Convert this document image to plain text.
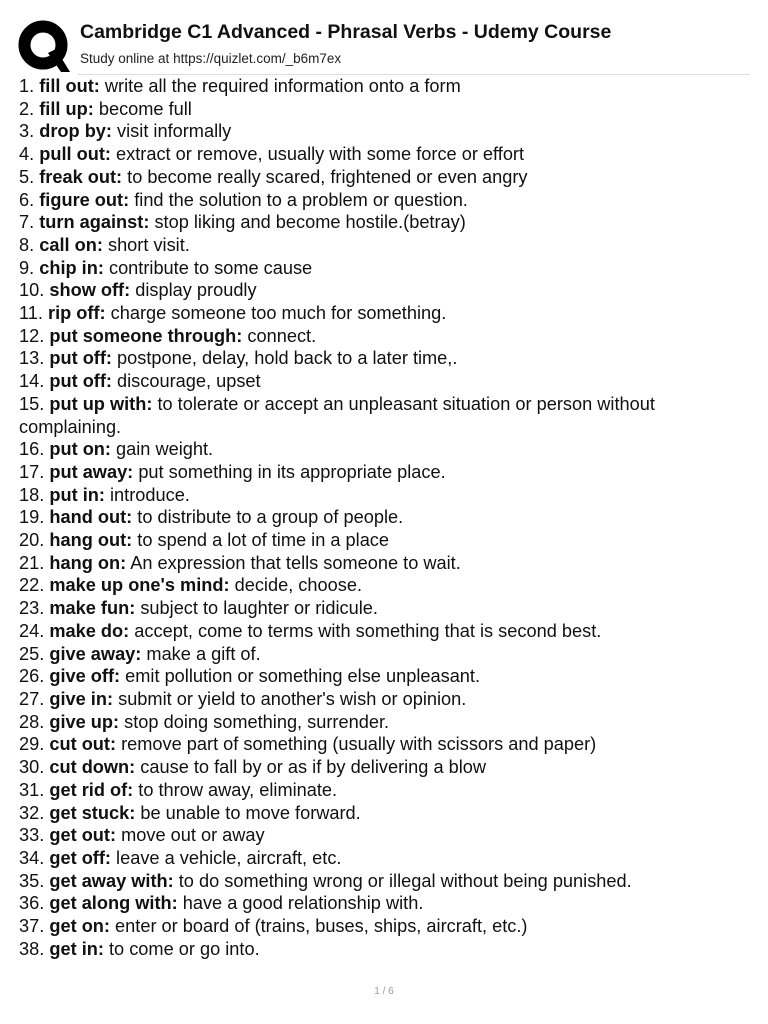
Cambridge C1 Advanced - Phrasal Verbs - Udemy Course
Study online at https://quizlet.com/_b6m7ex
1. fill out: write all the required information onto a form
2. fill up: become full
3. drop by: visit informally
4. pull out: extract or remove, usually with some force or effort
5. freak out: to become really scared, frightened or even angry
6. figure out: find the solution to a problem or question.
7. turn against: stop liking and become hostile.(betray)
8. call on: short visit.
9. chip in: contribute to some cause
10. show off: display proudly
11. rip off: charge someone too much for something.
12. put someone through: connect.
13. put off: postpone, delay, hold back to a later time,.
14. put off: discourage, upset
15. put up with: to tolerate or accept an unpleasant situation or person without complaining.
16. put on: gain weight.
17. put away: put something in its appropriate place.
18. put in: introduce.
19. hand out: to distribute to a group of people.
20. hang out: to spend a lot of time in a place
21. hang on: An expression that tells someone to wait.
22. make up one's mind: decide, choose.
23. make fun: subject to laughter or ridicule.
24. make do: accept, come to terms with something that is second best.
25. give away: make a gift of.
26. give off: emit pollution or something else unpleasant.
27. give in: submit or yield to another's wish or opinion.
28. give up: stop doing something, surrender.
29. cut out: remove part of something (usually with scissors and paper)
30. cut down: cause to fall by or as if by delivering a blow
31. get rid of: to throw away, eliminate.
32. get stuck: be unable to move forward.
33. get out: move out or away
34. get off: leave a vehicle, aircraft, etc.
35. get away with: to do something wrong or illegal without being punished.
36. get along with: have a good relationship with.
37. get on: enter or board of (trains, buses, ships, aircraft, etc.)
38. get in: to come or go into.
1 / 6
